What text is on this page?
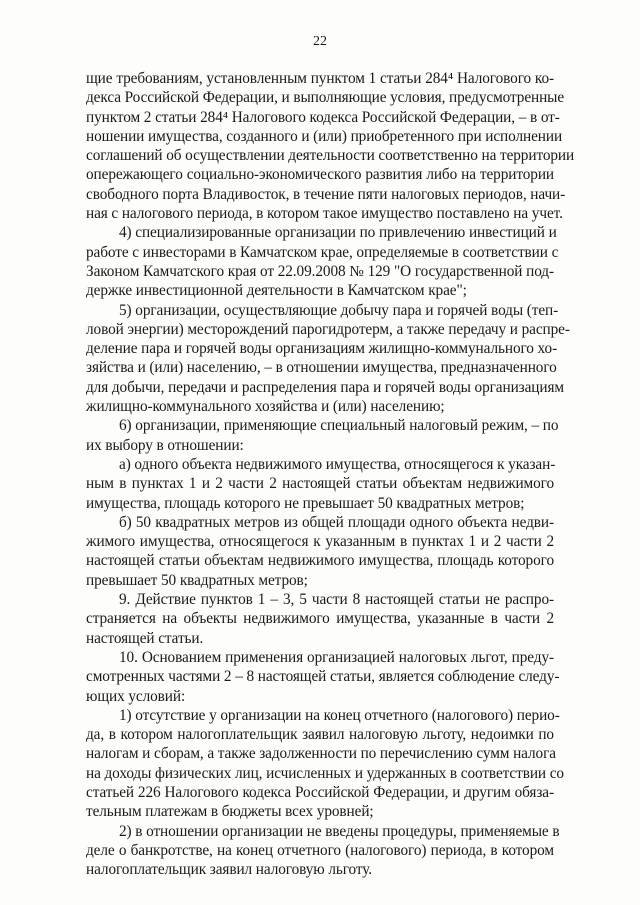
22
щие требованиям, установленным пунктом 1 статьи 284⁴ Налогового ко-
декса Российской Федерации, и выполняющие условия, предусмотренные
пунктом 2 статьи 284⁴ Налогового кодекса Российской Федерации, – в от-
ношении имущества, созданного и (или) приобретенного при исполнении
соглашений об осуществлении деятельности соответственно на территории
опережающего социально-экономического развития либо на территории
свободного порта Владивосток, в течение пяти налоговых периодов, начи-
ная с налогового периода, в котором такое имущество поставлено на учет.
4) специализированные организации по привлечению инвестиций и
работе с инвесторами в Камчатском крае, определяемые в соответствии с
Законом Камчатского края от 22.09.2008 № 129 "О государственной под-
держке инвестиционной деятельности в Камчатском крае";
5) организации, осуществляющие добычу пара и горячей воды (теп-
ловой энергии) месторождений парогидротерм, а также передачу и распре-
деление пара и горячей воды организациям жилищно-коммунального хо-
зяйства и (или) населению, – в отношении имущества, предназначенного
для добычи, передачи и распределения пара и горячей воды организациям
жилищно-коммунального хозяйства и (или) населению;
6) организации, применяющие специальный налоговый режим, – по
их выбору в отношении:
а) одного объекта недвижимого имущества, относящегося к указан-
ным в пунктах 1 и 2 части 2 настоящей статьи объектам недвижимого
имущества, площадь которого не превышает 50 квадратных метров;
б) 50 квадратных метров из общей площади одного объекта недви-
жимого имущества, относящегося к указанным в пунктах 1 и 2 части 2
настоящей статьи объектам недвижимого имущества, площадь которого
превышает 50 квадратных метров;
9. Действие пунктов 1 – 3, 5 части 8 настоящей статьи не распро-
страняется на объекты недвижимого имущества, указанные в части 2
настоящей статьи.
10. Основанием применения организацией налоговых льгот, преду-
смотренных частями 2 – 8 настоящей статьи, является соблюдение следу-
ющих условий:
1) отсутствие у организации на конец отчетного (налогового) перио-
да, в котором налогоплательщик заявил налоговую льготу, недоимки по
налогам и сборам, а также задолженности по перечислению сумм налога
на доходы физических лиц, исчисленных и удержанных в соответствии со
статьей 226 Налогового кодекса Российской Федерации, и другим обяза-
тельным платежам в бюджеты всех уровней;
2) в отношении организации не введены процедуры, применяемые в
деле о банкротстве, на конец отчетного (налогового) периода, в котором
налогоплательщик заявил налоговую льготу.
